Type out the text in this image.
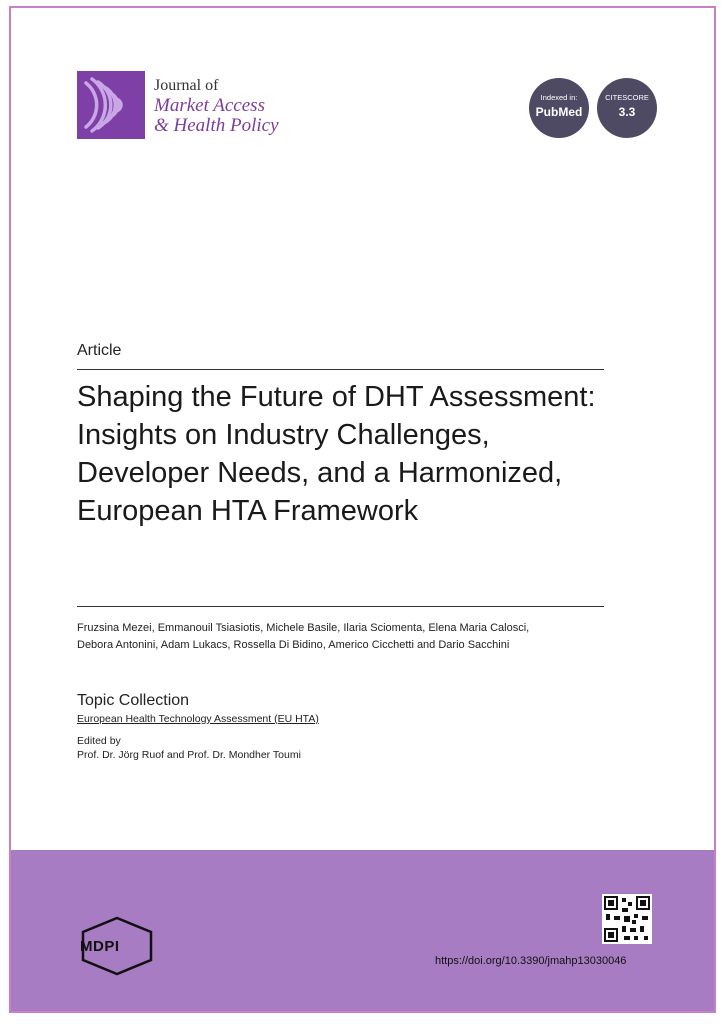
Journal of
Market Access
& Health Policy
Indexed in:
PubMed
CITESCORE
3.3
Article
Shaping the Future of DHT Assessment: Insights on Industry Challenges, Developer Needs, and a Harmonized, European HTA Framework
Fruzsina Mezei, Emmanouil Tsiasiotis, Michele Basile, Ilaria Sciomenta, Elena Maria Calosci,
Debora Antonini, Adam Lukacs, Rossella Di Bidino, Americo Cicchetti and Dario Sacchini
Topic Collection
European Health Technology Assessment (EU HTA)
Edited by
Prof. Dr. Jörg Ruof and Prof. Dr. Mondher Toumi
MDPI
https://doi.org/10.3390/jmahp13030046
